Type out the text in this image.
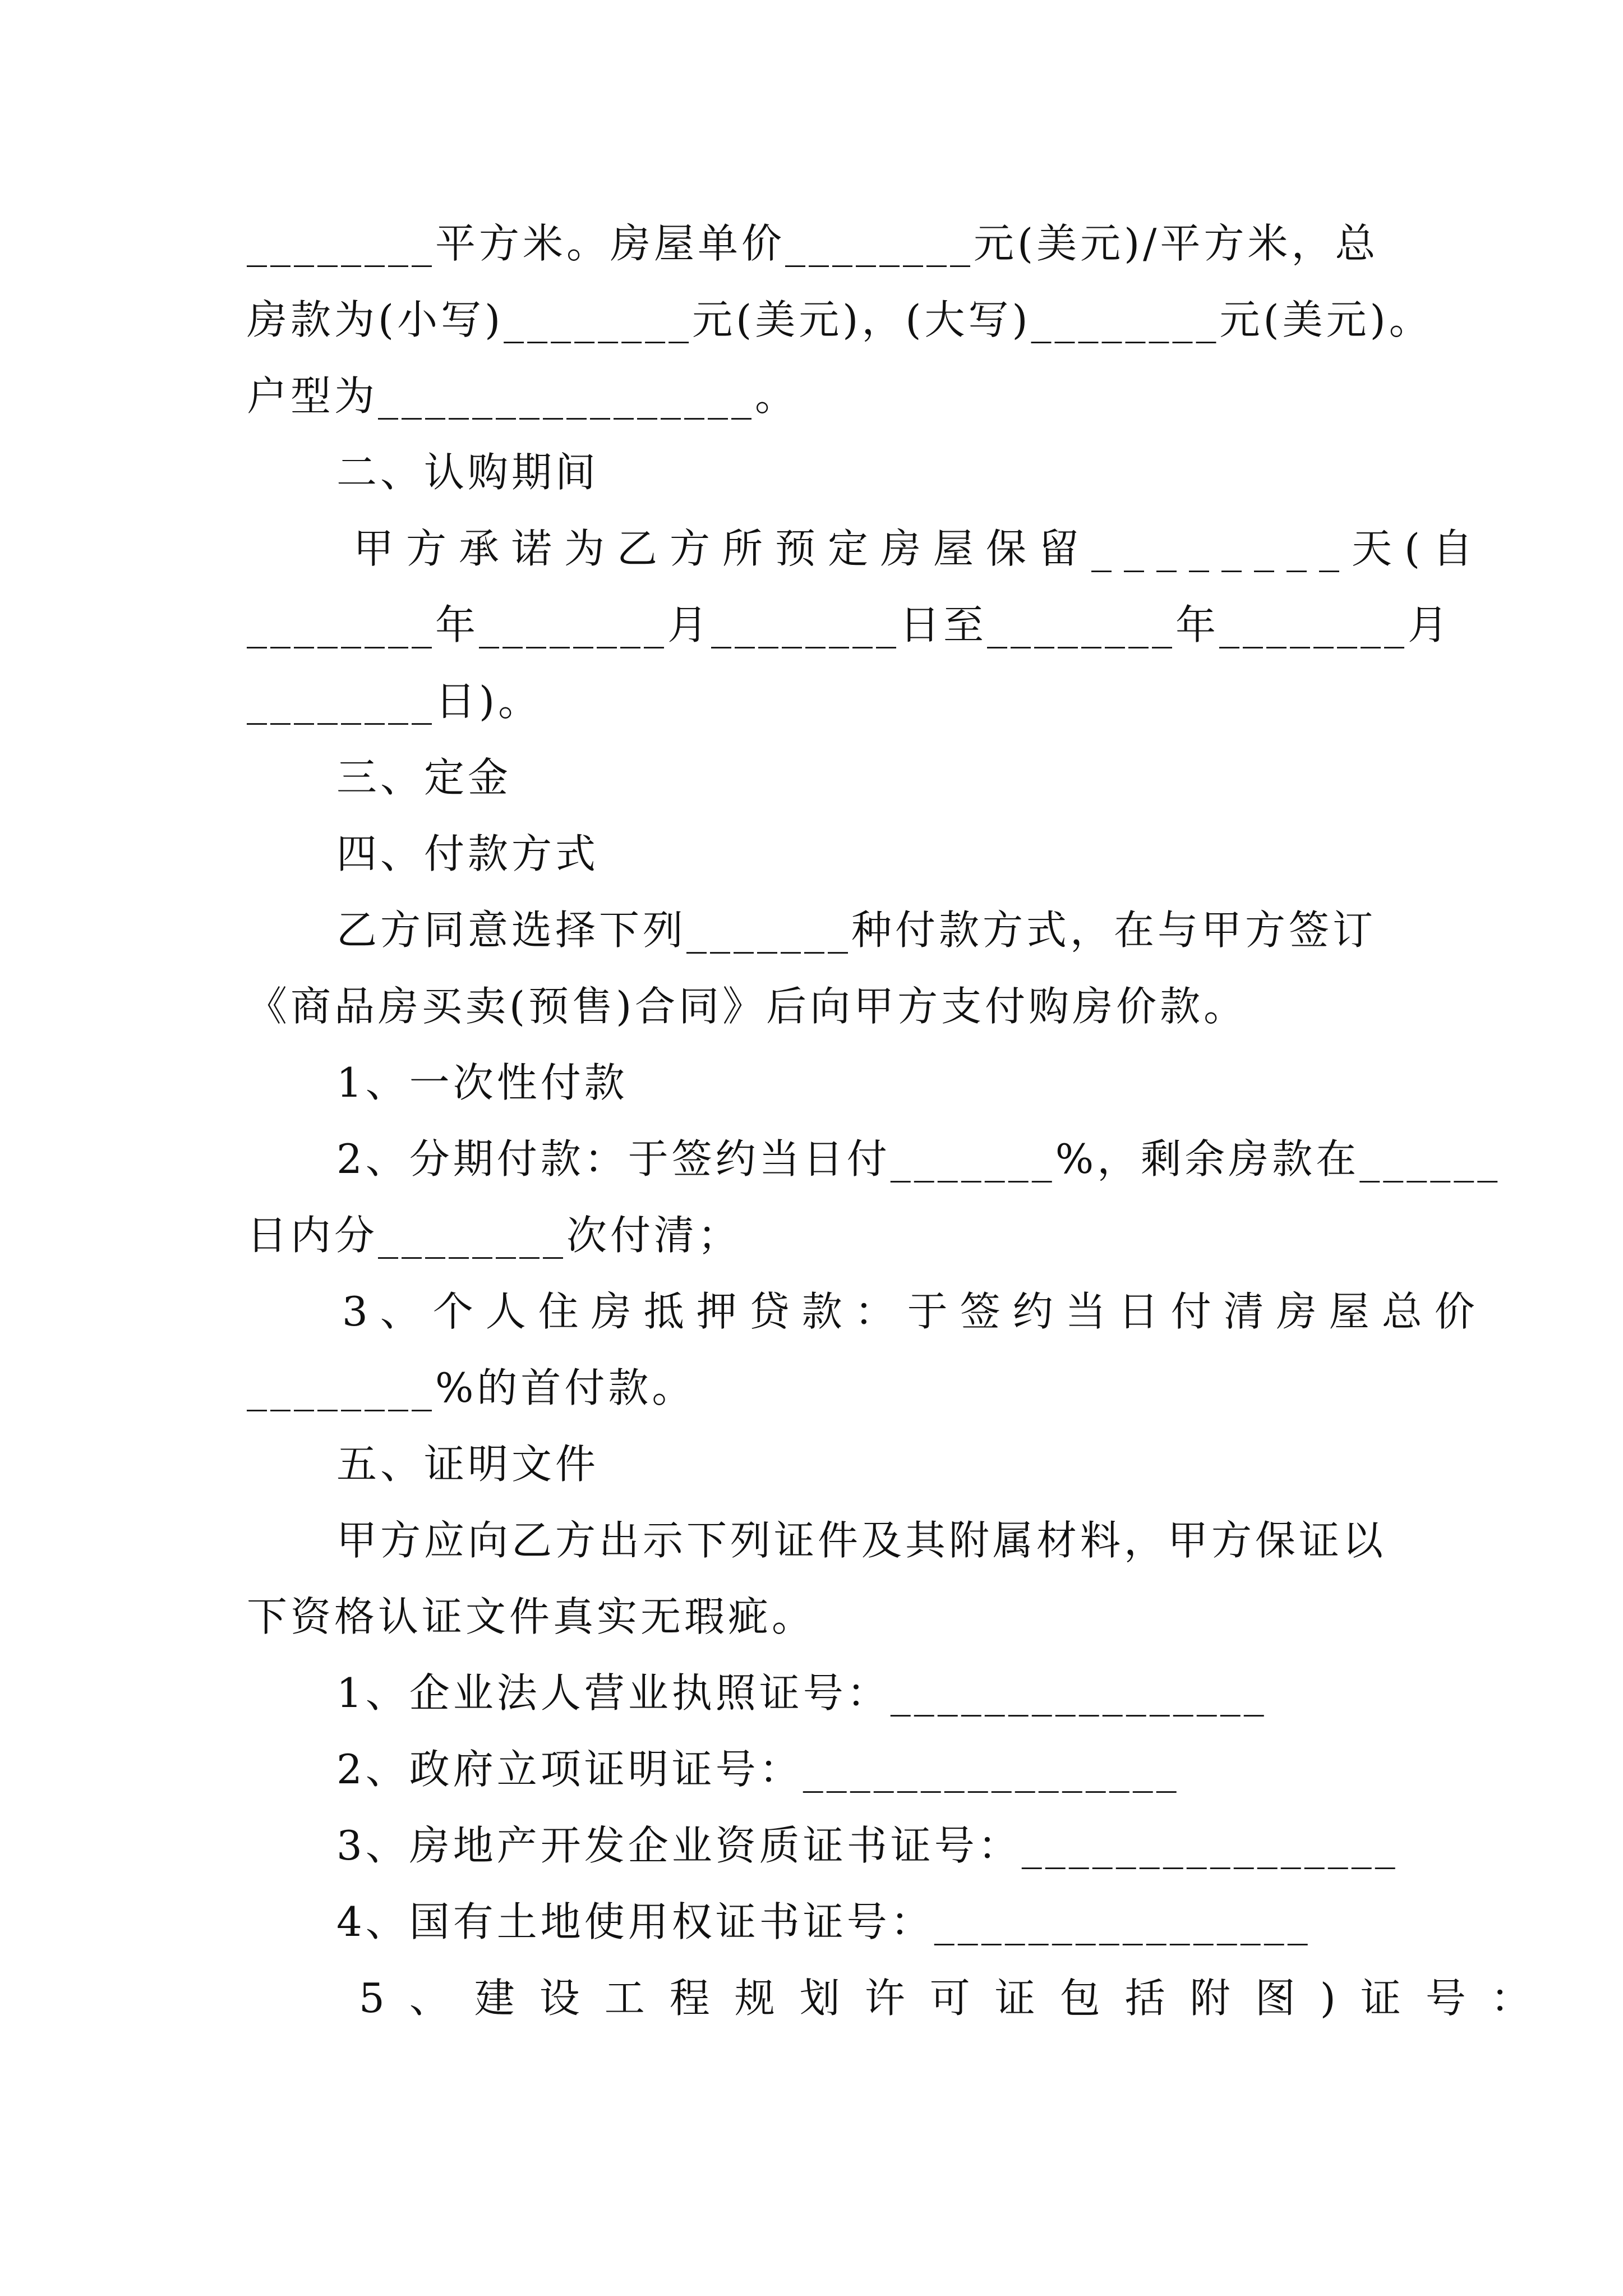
________平方米。房屋单价________元(美元)/平方米，总
房款为(小写)________元(美元)，(大写)________元(美元)。
户型为________________。
二、认购期间
甲方承诺为乙方所预定房屋保留________天(自
________年________月________日至________年________月
________日)。
三、定金
四、付款方式
乙方同意选择下列_______种付款方式，在与甲方签订
《商品房买卖(预售)合同》后向甲方支付购房价款。
1、一次性付款
2、分期付款：于签约当日付_______%，剩余房款在______
日内分________次付清；
3、个人住房抵押贷款：于签约当日付清房屋总价
________%的首付款。
五、证明文件
甲方应向乙方出示下列证件及其附属材料，甲方保证以
下资格认证文件真实无瑕疵。
1、企业法人营业执照证号：________________
2、政府立项证明证号：________________
3、房地产开发企业资质证书证号：________________
4、国有土地使用权证书证号：________________
5、建设工程规划许可证包括附图)证号：
